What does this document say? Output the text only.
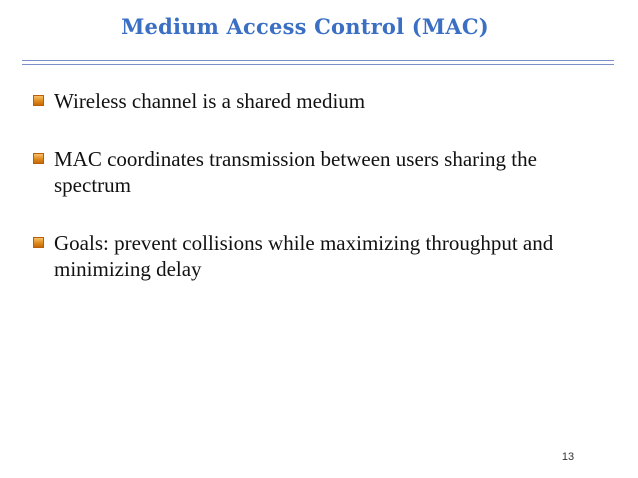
Medium Access Control (MAC)
Wireless channel is a shared medium
MAC coordinates transmission between users sharing the spectrum
Goals: prevent collisions while maximizing throughput and minimizing delay
13
